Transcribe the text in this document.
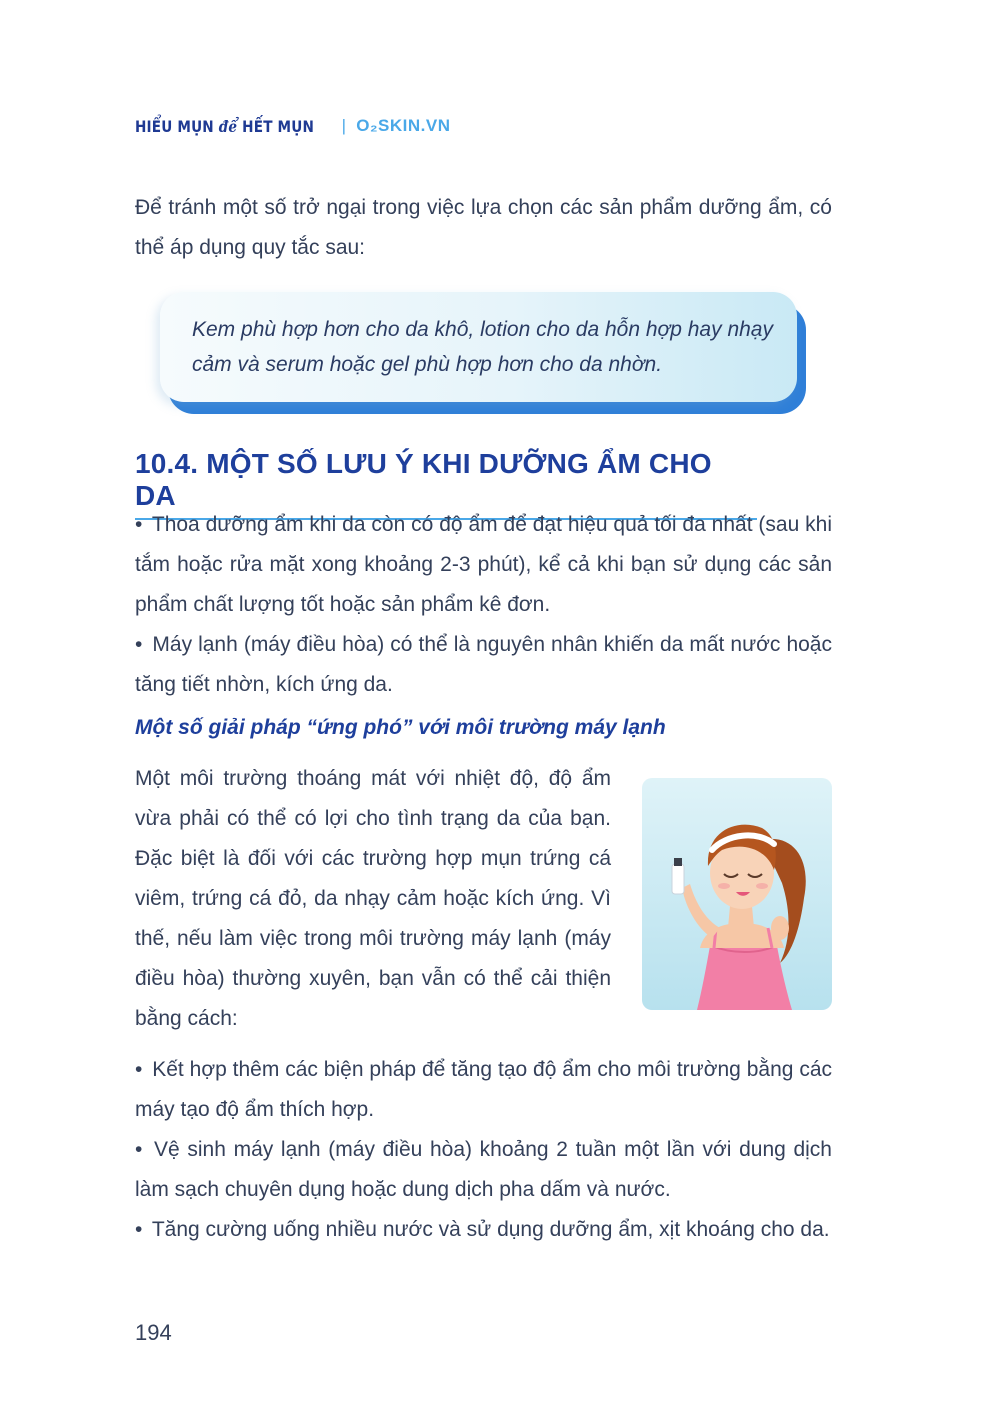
HIỂU MỤN để HẾT MỤN | O₂SKIN.VN

Để tránh một số trở ngại trong việc lựa chọn các sản phẩm dưỡng ẩm, có thể áp dụng quy tắc sau:

Kem phù hợp hơn cho da khô, lotion cho da hỗn hợp hay nhạy cảm và serum hoặc gel phù hợp hơn cho da nhờn.

10.4. MỘT SỐ LƯU Ý KHI DƯỠNG ẨM CHO DA

• Thoa dưỡng ẩm khi da còn có độ ẩm để đạt hiệu quả tối đa nhất (sau khi tắm hoặc rửa mặt xong khoảng 2-3 phút), kể cả khi bạn sử dụng các sản phẩm chất lượng tốt hoặc sản phẩm kê đơn.

• Máy lạnh (máy điều hòa) có thể là nguyên nhân khiến da mất nước hoặc tăng tiết nhờn, kích ứng da.

Một số giải pháp “ứng phó” với môi trường máy lạnh

Một môi trường thoáng mát với nhiệt độ, độ ẩm vừa phải có thể có lợi cho tình trạng da của bạn. Đặc biệt là đối với các trường hợp mụn trứng cá viêm, trứng cá đỏ, da nhạy cảm hoặc kích ứng. Vì thế, nếu làm việc trong môi trường máy lạnh (máy điều hòa) thường xuyên, bạn vẫn có thể cải thiện bằng cách:

• Kết hợp thêm các biện pháp để tăng tạo độ ẩm cho môi trường bằng các máy tạo độ ẩm thích hợp.

• Vệ sinh máy lạnh (máy điều hòa) khoảng 2 tuần một lần với dung dịch làm sạch chuyên dụng hoặc dung dịch pha dấm và nước.

• Tăng cường uống nhiều nước và sử dụng dưỡng ẩm, xịt khoáng cho da.

194
